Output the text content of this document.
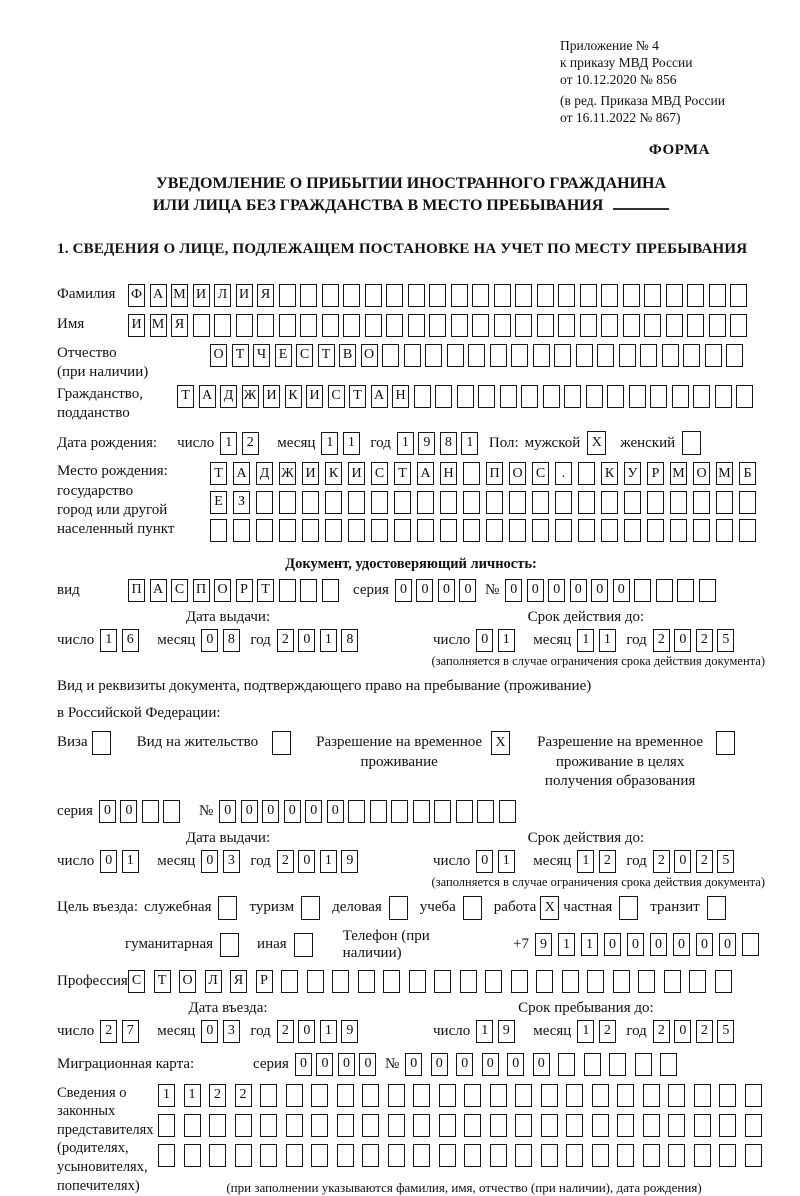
Приложение № 4
к приказу МВД России
от 10.12.2020 № 856
(в ред. Приказа МВД России
от 16.11.2022 № 867)
ФОРМА
УВЕДОМЛЕНИЕ О ПРИБЫТИИ ИНОСТРАННОГО ГРАЖДАНИНА
ИЛИ ЛИЦА БЕЗ ГРАЖДАНСТВА В МЕСТО ПРЕБЫВАНИЯ
1. СВЕДЕНИЯ О ЛИЦЕ, ПОДЛЕЖАЩЕМ ПОСТАНОВКЕ НА УЧЕТ ПО МЕСТУ ПРЕБЫВАНИЯ
Фамилия	Ф А М И Л И Я
Имя	И М Я
Отчество
(при наличии)
О Т Ч Е С Т В О
Гражданство,
подданство
Т А Д Ж И К И С Т А Н
Дата рождения: число 1	2	месяц 1	1	год 1	9	8	1	Пол: мужской X женский
Место рождения:
государство
город или другой
населенный пункт
Т А Д Ж И К И С	Т А Н	П О С	.	К У	Р М О М Б

Е	З

Документ, удостоверяющий личность:
вид	П А С П О Р Т	серия 0	0	0	0 № 0	0	0	0	0	0
Дата выдачи:
число 1	6	месяц 0	8	год 2	0	1	8
Срок действия до:
число 0	1	месяц 1	1	год 2	0	2	5
(заполняется в случае ограничения срока действия документа)
Вид и реквизиты документа, подтверждающего право на пребывание (проживание)
в Российской Федерации:
Виза	Вид на жительство	Разрешение на временное проживание
X	Разрешение на временное проживание в целях получения образования
серия 0	0	№ 0	0	0	0	0	0
Дата выдачи:
число 0	1	месяц 0	3	год 2	0	1	9
Срок действия до:
число 0	1	месяц 1	2	год 2	0	2	5
(заполняется в случае ограничения срока действия документа)
Цель въезда: служебная	туризм	деловая	учеба	работа X частная	транзит
гуманитарная	иная
Телефон (при наличии)
+7 9	1	1	0	0	0	0	0	0
Профессия С	Т	О Л Я	Р
Дата въезда:
число 2	7	месяц 0	3	год 2	0	1	9
Срок пребывания до:
число 1	9	месяц 1	2	год 2	0	2	5
Миграционная карта:	серия 0	0	0	0 № 0	0	0	0	0	0
Сведения о
законных
представителях
(родителях,
усыновителях,
попечителях)
1	1	2	2

(при заполнении указываются фамилия, имя, отчество (при наличии), дата рождения)
